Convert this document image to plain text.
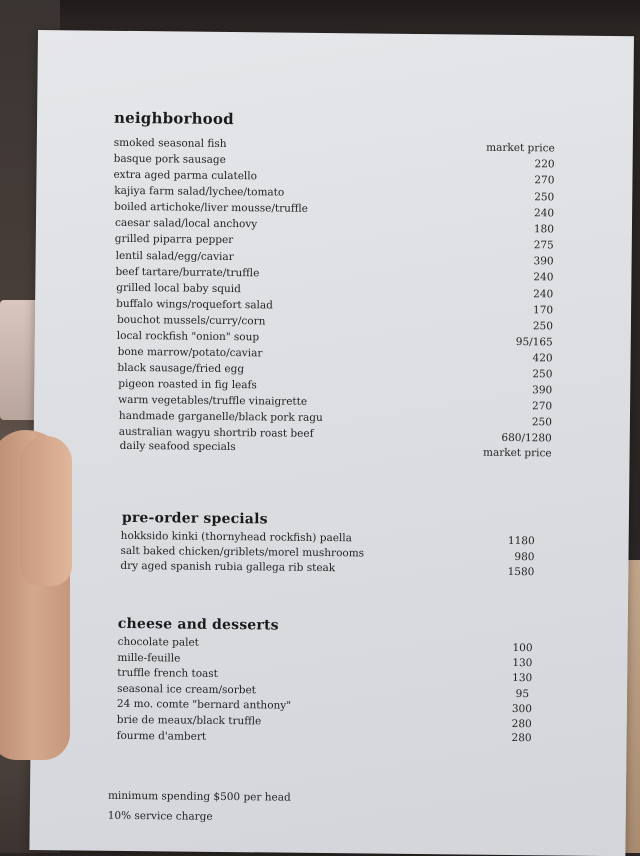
neighborhood
smoked seasonal fish	market price
basque pork sausage	220
extra aged parma culatello	270
kajiya farm salad/lychee/tomato	250
boiled artichoke/liver mousse/truffle	240
caesar salad/local anchovy	180
grilled piparra pepper	275
lentil salad/egg/caviar	390
beef tartare/burrate/truffle	240
grilled local baby squid	240
buffalo wings/roquefort salad	170
bouchot mussels/curry/corn	250
local rockfish "onion" soup	95/165
bone marrow/potato/caviar	420
black sausage/fried egg	250
pigeon roasted in fig leafs	390
warm vegetables/truffle vinaigrette	270
handmade garganelle/black pork ragu	250
australian wagyu shortrib roast beef	680/1280
daily seafood specials	market price
pre-order specials
hokksido kinki (thornyhead rockfish) paella	1180
salt baked chicken/griblets/morel mushrooms	980
dry aged spanish rubia gallega rib steak	1580
cheese and desserts
chocolate palet	100
mille-feuille	130
truffle french toast	130
seasonal ice cream/sorbet	95
24 mo. comte "bernard anthony"	300
brie de meaux/black truffle	280
fourme d'ambert	280
minimum spending $500 per head
10% service charge
